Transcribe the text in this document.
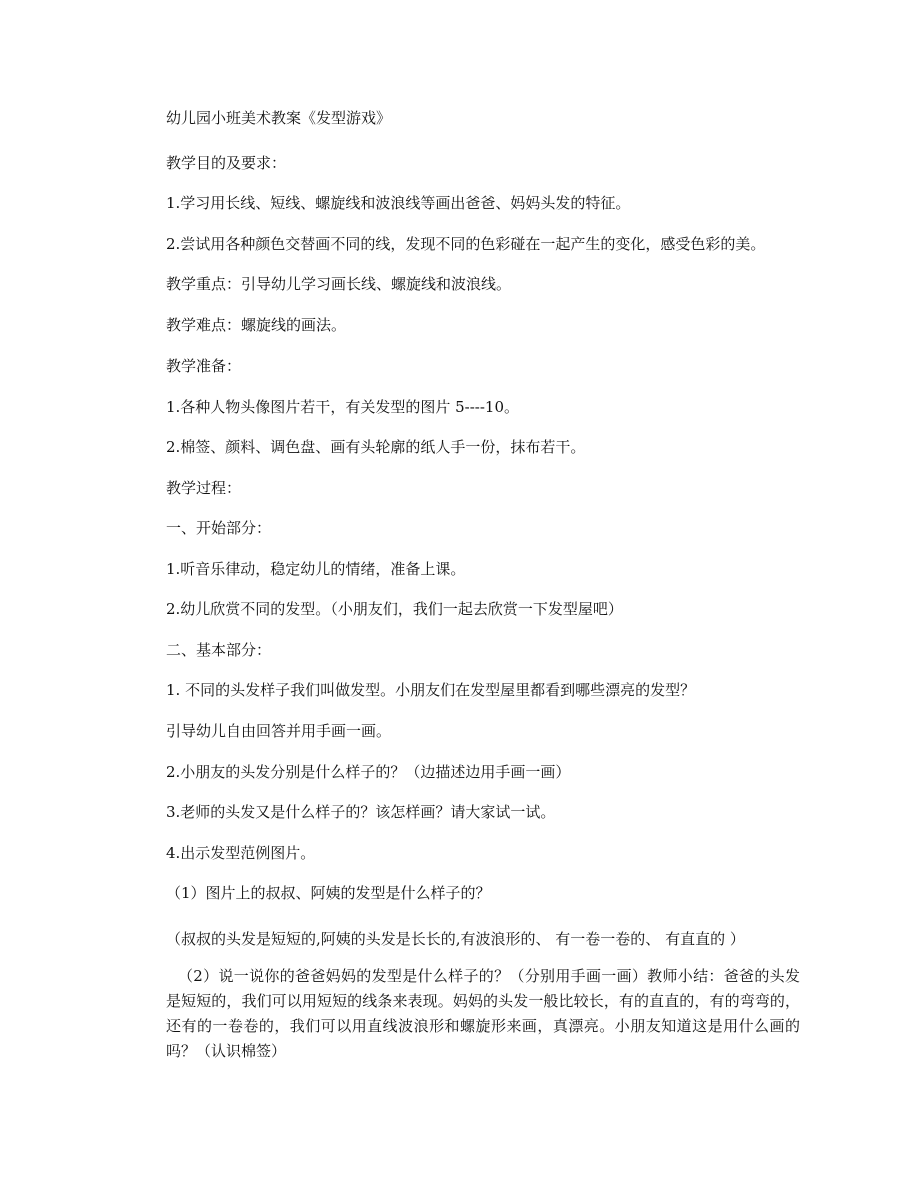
幼儿园小班美术教案《发型游戏》
教学目的及要求：
1.学习用长线、短线、螺旋线和波浪线等画出爸爸、妈妈头发的特征。
2.尝试用各种颜色交替画不同的线，发现不同的色彩碰在一起产生的变化，感受色彩的美。
教学重点：引导幼儿学习画长线、螺旋线和波浪线。
教学难点：螺旋线的画法。
教学准备：
1.各种人物头像图片若干，有关发型的图片 5----10。
2.棉签、颜料、调色盘、画有头轮廓的纸人手一份，抹布若干。
教学过程：
一、开始部分：
1.听音乐律动，稳定幼儿的情绪，准备上课。
2.幼儿欣赏不同的发型。（小朋友们，我们一起去欣赏一下发型屋吧）
二、基本部分：
1. 不同的头发样子我们叫做发型。小朋友们在发型屋里都看到哪些漂亮的发型？
引导幼儿自由回答并用手画一画。
2.小朋友的头发分别是什么样子的？（边描述边用手画一画）
3.老师的头发又是什么样子的？该怎样画？请大家试一试。
4.出示发型范例图片。
（1）图片上的叔叔、阿姨的发型是什么样子的？
（叔叔的头发是短短的,阿姨的头发是长长的,有波浪形的、 有一卷一卷的、 有直直的 ）
（2）说一说你的爸爸妈妈的发型是什么样子的？（分别用手画一画）教师小结：爸爸的头发是短短的，我们可以用短短的线条来表现。妈妈的头发一般比较长，有的直直的，有的弯弯的，还有的一卷卷的，我们可以用直线波浪形和螺旋形来画，真漂亮。小朋友知道这是用什么画的吗？（认识棉签）
